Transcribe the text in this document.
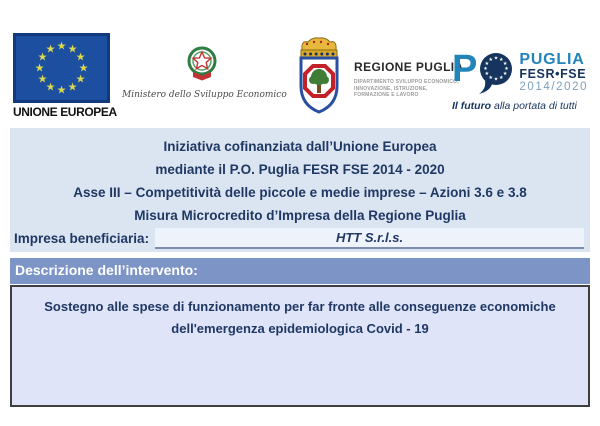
★ ★
★
★
★
★
★
★
★
★
★
★
UNIONE EUROPEA
Ministero dello Sviluppo Economico
REGIONE PUGLIA
DIPARTIMENTO SVILUPPO ECONOMICO,
INNOVAZIONE, ISTRUZIONE,
FORMAZIONE E LAVORO
P	★ ★
★
★
★
★
★
★
★
★
★
★ PUGLIA
FESR•FSE
2014/2020
Il futuro alla portata di tutti
Iniziativa cofinanziata dall’Unione Europea
mediante il P.O. Puglia FESR FSE 2014 - 2020
Asse III – Competitività delle piccole e medie imprese – Azioni 3.6 e 3.8
Misura Microcredito d’Impresa della Regione Puglia
Impresa beneficiaria:	HTT S.r.l.s.
Descrizione dell’intervento:
Sostegno alle spese di funzionamento per far fronte alle conseguenze economiche dell'emergenza epidemiologica Covid - 19
